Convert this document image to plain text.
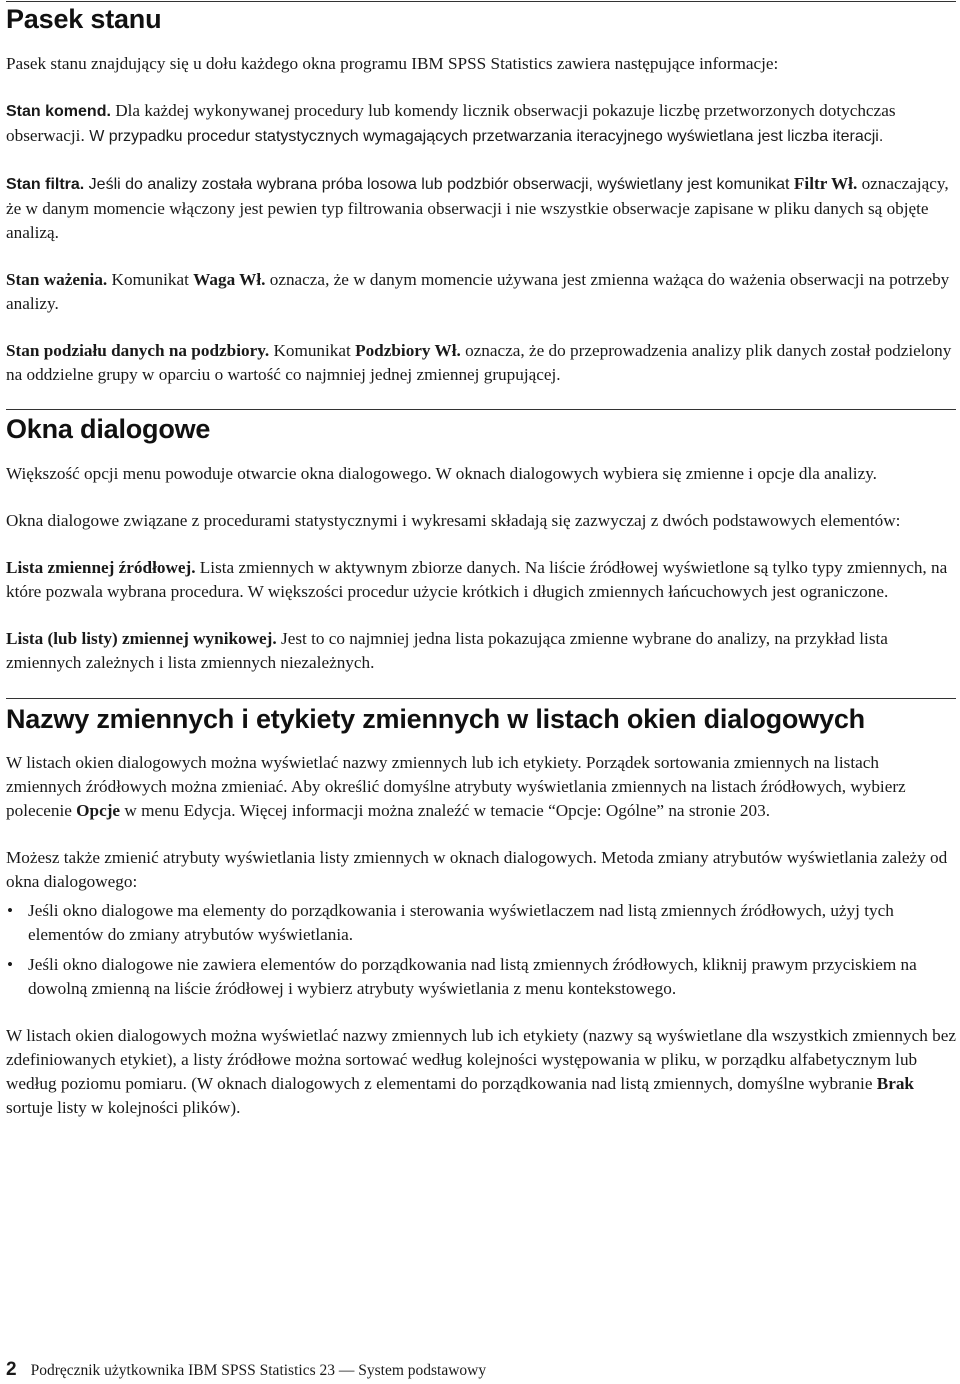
Pasek stanu

Pasek stanu znajdujący się u dołu każdego okna programu IBM SPSS Statistics zawiera następujące informacje:

Stan komend. Dla każdej wykonywanej procedury lub komendy licznik obserwacji pokazuje liczbę przetworzonych dotychczas obserwacji. W przypadku procedur statystycznych wymagających przetwarzania iteracyjnego wyświetlana jest liczba iteracji.

Stan filtra. Jeśli do analizy została wybrana próba losowa lub podzbiór obserwacji, wyświetlany jest komunikat Filtr Wł. oznaczający, że w danym momencie włączony jest pewien typ filtrowania obserwacji i nie wszystkie obserwacje zapisane w pliku danych są objęte analizą.

Stan ważenia. Komunikat Waga Wł. oznacza, że w danym momencie używana jest zmienna ważąca do ważenia obserwacji na potrzeby analizy.

Stan podziału danych na podzbiory. Komunikat Podzbiory Wł. oznacza, że do przeprowadzenia analizy plik danych został podzielony na oddzielne grupy w oparciu o wartość co najmniej jednej zmiennej grupującej.

Okna dialogowe

Większość opcji menu powoduje otwarcie okna dialogowego. W oknach dialogowych wybiera się zmienne i opcje dla analizy.

Okna dialogowe związane z procedurami statystycznymi i wykresami składają się zazwyczaj z dwóch podstawowych elementów:

Lista zmiennej źródłowej. Lista zmiennych w aktywnym zbiorze danych. Na liście źródłowej wyświetlone są tylko typy zmiennych, na które pozwala wybrana procedura. W większości procedur użycie krótkich i długich zmiennych łańcuchowych jest ograniczone.

Lista (lub listy) zmiennej wynikowej. Jest to co najmniej jedna lista pokazująca zmienne wybrane do analizy, na przykład lista zmiennych zależnych i lista zmiennych niezależnych.

Nazwy zmiennych i etykiety zmiennych w listach okien dialogowych

W listach okien dialogowych można wyświetlać nazwy zmiennych lub ich etykiety. Porządek sortowania zmiennych na listach zmiennych źródłowych można zmieniać. Aby określić domyślne atrybuty wyświetlania zmiennych na listach źródłowych, wybierz polecenie Opcje w menu Edycja. Więcej informacji można znaleźć w temacie “Opcje: Ogólne” na stronie 203.

Możesz także zmienić atrybuty wyświetlania listy zmiennych w oknach dialogowych. Metoda zmiany atrybutów wyświetlania zależy od okna dialogowego:

• Jeśli okno dialogowe ma elementy do porządkowania i sterowania wyświetlaczem nad listą zmiennych źródłowych, użyj tych elementów do zmiany atrybutów wyświetlania.
• Jeśli okno dialogowe nie zawiera elementów do porządkowania nad listą zmiennych źródłowych, kliknij prawym przyciskiem na dowolną zmienną na liście źródłowej i wybierz atrybuty wyświetlania z menu kontekstowego.

W listach okien dialogowych można wyświetlać nazwy zmiennych lub ich etykiety (nazwy są wyświetlane dla wszystkich zmiennych bez zdefiniowanych etykiet), a listy źródłowe można sortować według kolejności występowania w pliku, w porządku alfabetycznym lub według poziomu pomiaru. (W oknach dialogowych z elementami do porządkowania nad listą zmiennych, domyślne wybranie Brak sortuje listy w kolejności plików).

2 Podręcznik użytkownika IBM SPSS Statistics 23 — System podstawowy
